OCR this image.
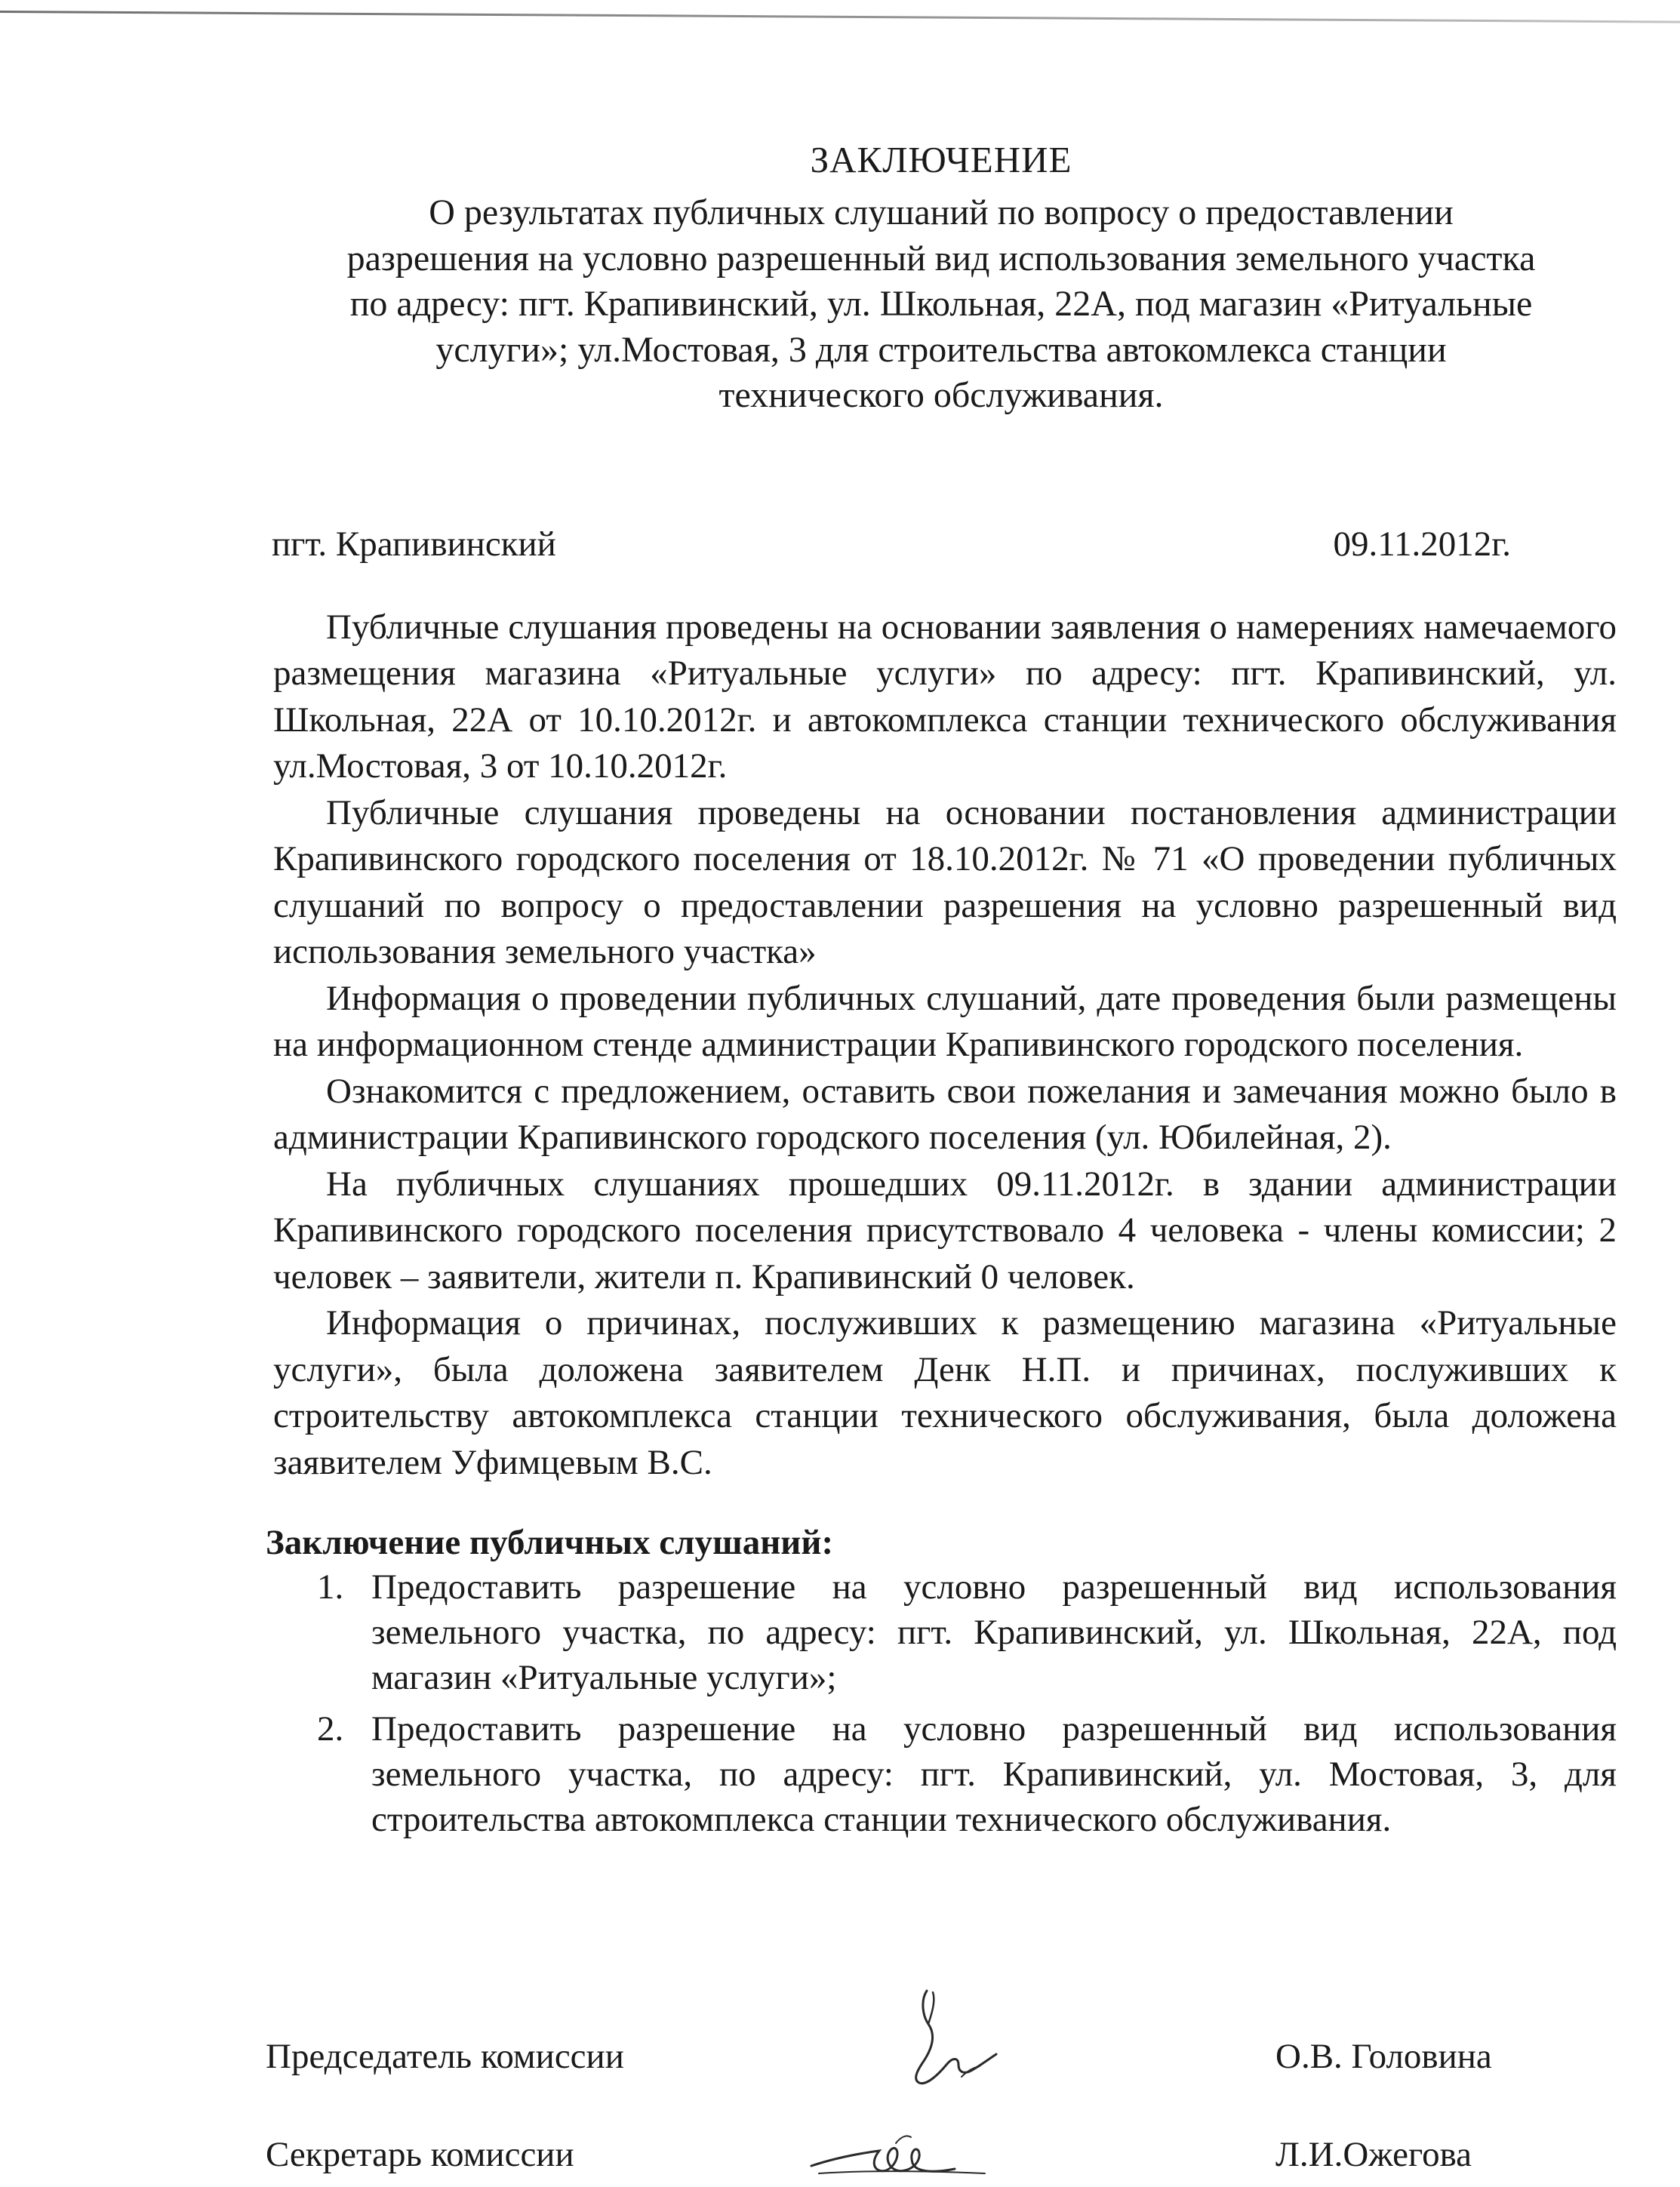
ЗАКЛЮЧЕНИЕ
О результатах публичных слушаний по вопросу о предоставлении
разрешения на условно разрешенный вид использования земельного участка
по адресу: пгт. Крапивинский, ул. Школьная, 22А, под магазин «Ритуальные
услуги»; ул.Мостовая, 3 для строительства автокомлекса станции
технического обслуживания.
пгт. Крапивинский	09.11.2012г.

Публичные слушания проведены на основании заявления о намерениях намечаемого размещения магазина «Ритуальные услуги» по адресу: пгт. Крапивинский, ул. Школьная, 22А от 10.10.2012г. и автокомплекса станции технического обслуживания ул.Мостовая, 3 от 10.10.2012г.

Публичные слушания проведены на основании постановления администрации Крапивинского городского поселения от 18.10.2012г. № 71 «О проведении публичных слушаний по вопросу о предоставлении разрешения на условно разрешенный вид использования земельного участка»

Информация о проведении публичных слушаний, дате проведения были размещены на информационном стенде администрации Крапивинского городского поселения.

Ознакомится с предложением, оставить свои пожелания и замечания можно было в администрации Крапивинского городского поселения (ул. Юбилейная, 2).

На публичных слушаниях прошедших 09.11.2012г. в здании администрации Крапивинского городского поселения присутствовало 4 человека - члены комиссии; 2 человек – заявители, жители п. Крапивинский 0 человек.

Информация о причинах, послуживших к размещению магазина «Ритуальные услуги», была доложена заявителем Денк Н.П. и причинах, послуживших к строительству автокомплекса станции технического обслуживания, была доложена заявителем Уфимцевым В.С.

Заключение публичных слушаний:

1. Предоставить разрешение на условно разрешенный вид использования земельного участка, по адресу: пгт. Крапивинский, ул. Школьная, 22А, под магазин «Ритуальные услуги»;
2. Предоставить разрешение на условно разрешенный вид использования земельного участка, по адресу: пгт. Крапивинский, ул. Мостовая, 3, для строительства автокомплекса станции технического обслуживания.
Председатель комиссии	О.В. Головина
Секретарь комиссии	Л.И.Ожегова
